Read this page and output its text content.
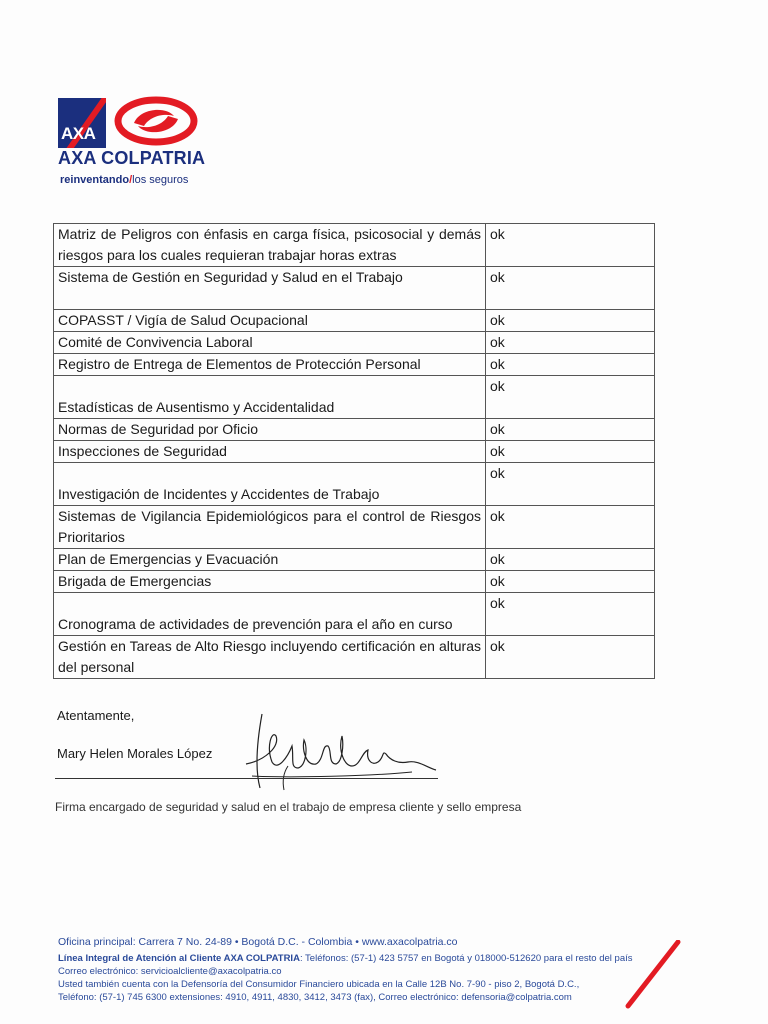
AXA
AXA COLPATRIA
reinventando/los seguros
Matriz de Peligros con énfasis en carga física, psicosocial y demás riesgos para los cuales requieran trabajar horas extras	ok
Sistema de Gestión en Seguridad y Salud en el Trabajo	ok
COPASST / Vigía de Salud Ocupacional	ok
Comité de Convivencia Laboral	ok
Registro de Entrega de Elementos de Protección Personal	ok
Estadísticas de Ausentismo y Accidentalidad	ok
Normas de Seguridad por Oficio	ok
Inspecciones de Seguridad	ok
Investigación de Incidentes y Accidentes de Trabajo	ok
Sistemas de Vigilancia Epidemiológicos para el control de Riesgos Prioritarios	ok
Plan de Emergencias y Evacuación	ok
Brigada de Emergencias	ok
Cronograma de actividades de prevención para el año en curso	ok
Gestión en Tareas de Alto Riesgo incluyendo certificación en alturas del personal	ok
Atentamente,
Mary Helen Morales López
Firma encargado de seguridad y salud en el trabajo de empresa cliente y sello empresa
Oficina principal: Carrera 7 No. 24-89 • Bogotá D.C. - Colombia • www.axacolpatria.co
Línea Integral de Atención al Cliente AXA COLPATRIA: Teléfonos: (57-1) 423 5757 en Bogotá y 018000-512620 para el resto del país
Correo electrónico: servicioalcliente@axacolpatria.co
Usted también cuenta con la Defensoría del Consumidor Financiero ubicada en la Calle 12B No. 7-90 - piso 2, Bogotá D.C.,
Teléfono: (57-1) 745 6300 extensiones: 4910, 4911, 4830, 3412, 3473 (fax), Correo electrónico: defensoria@colpatria.com
